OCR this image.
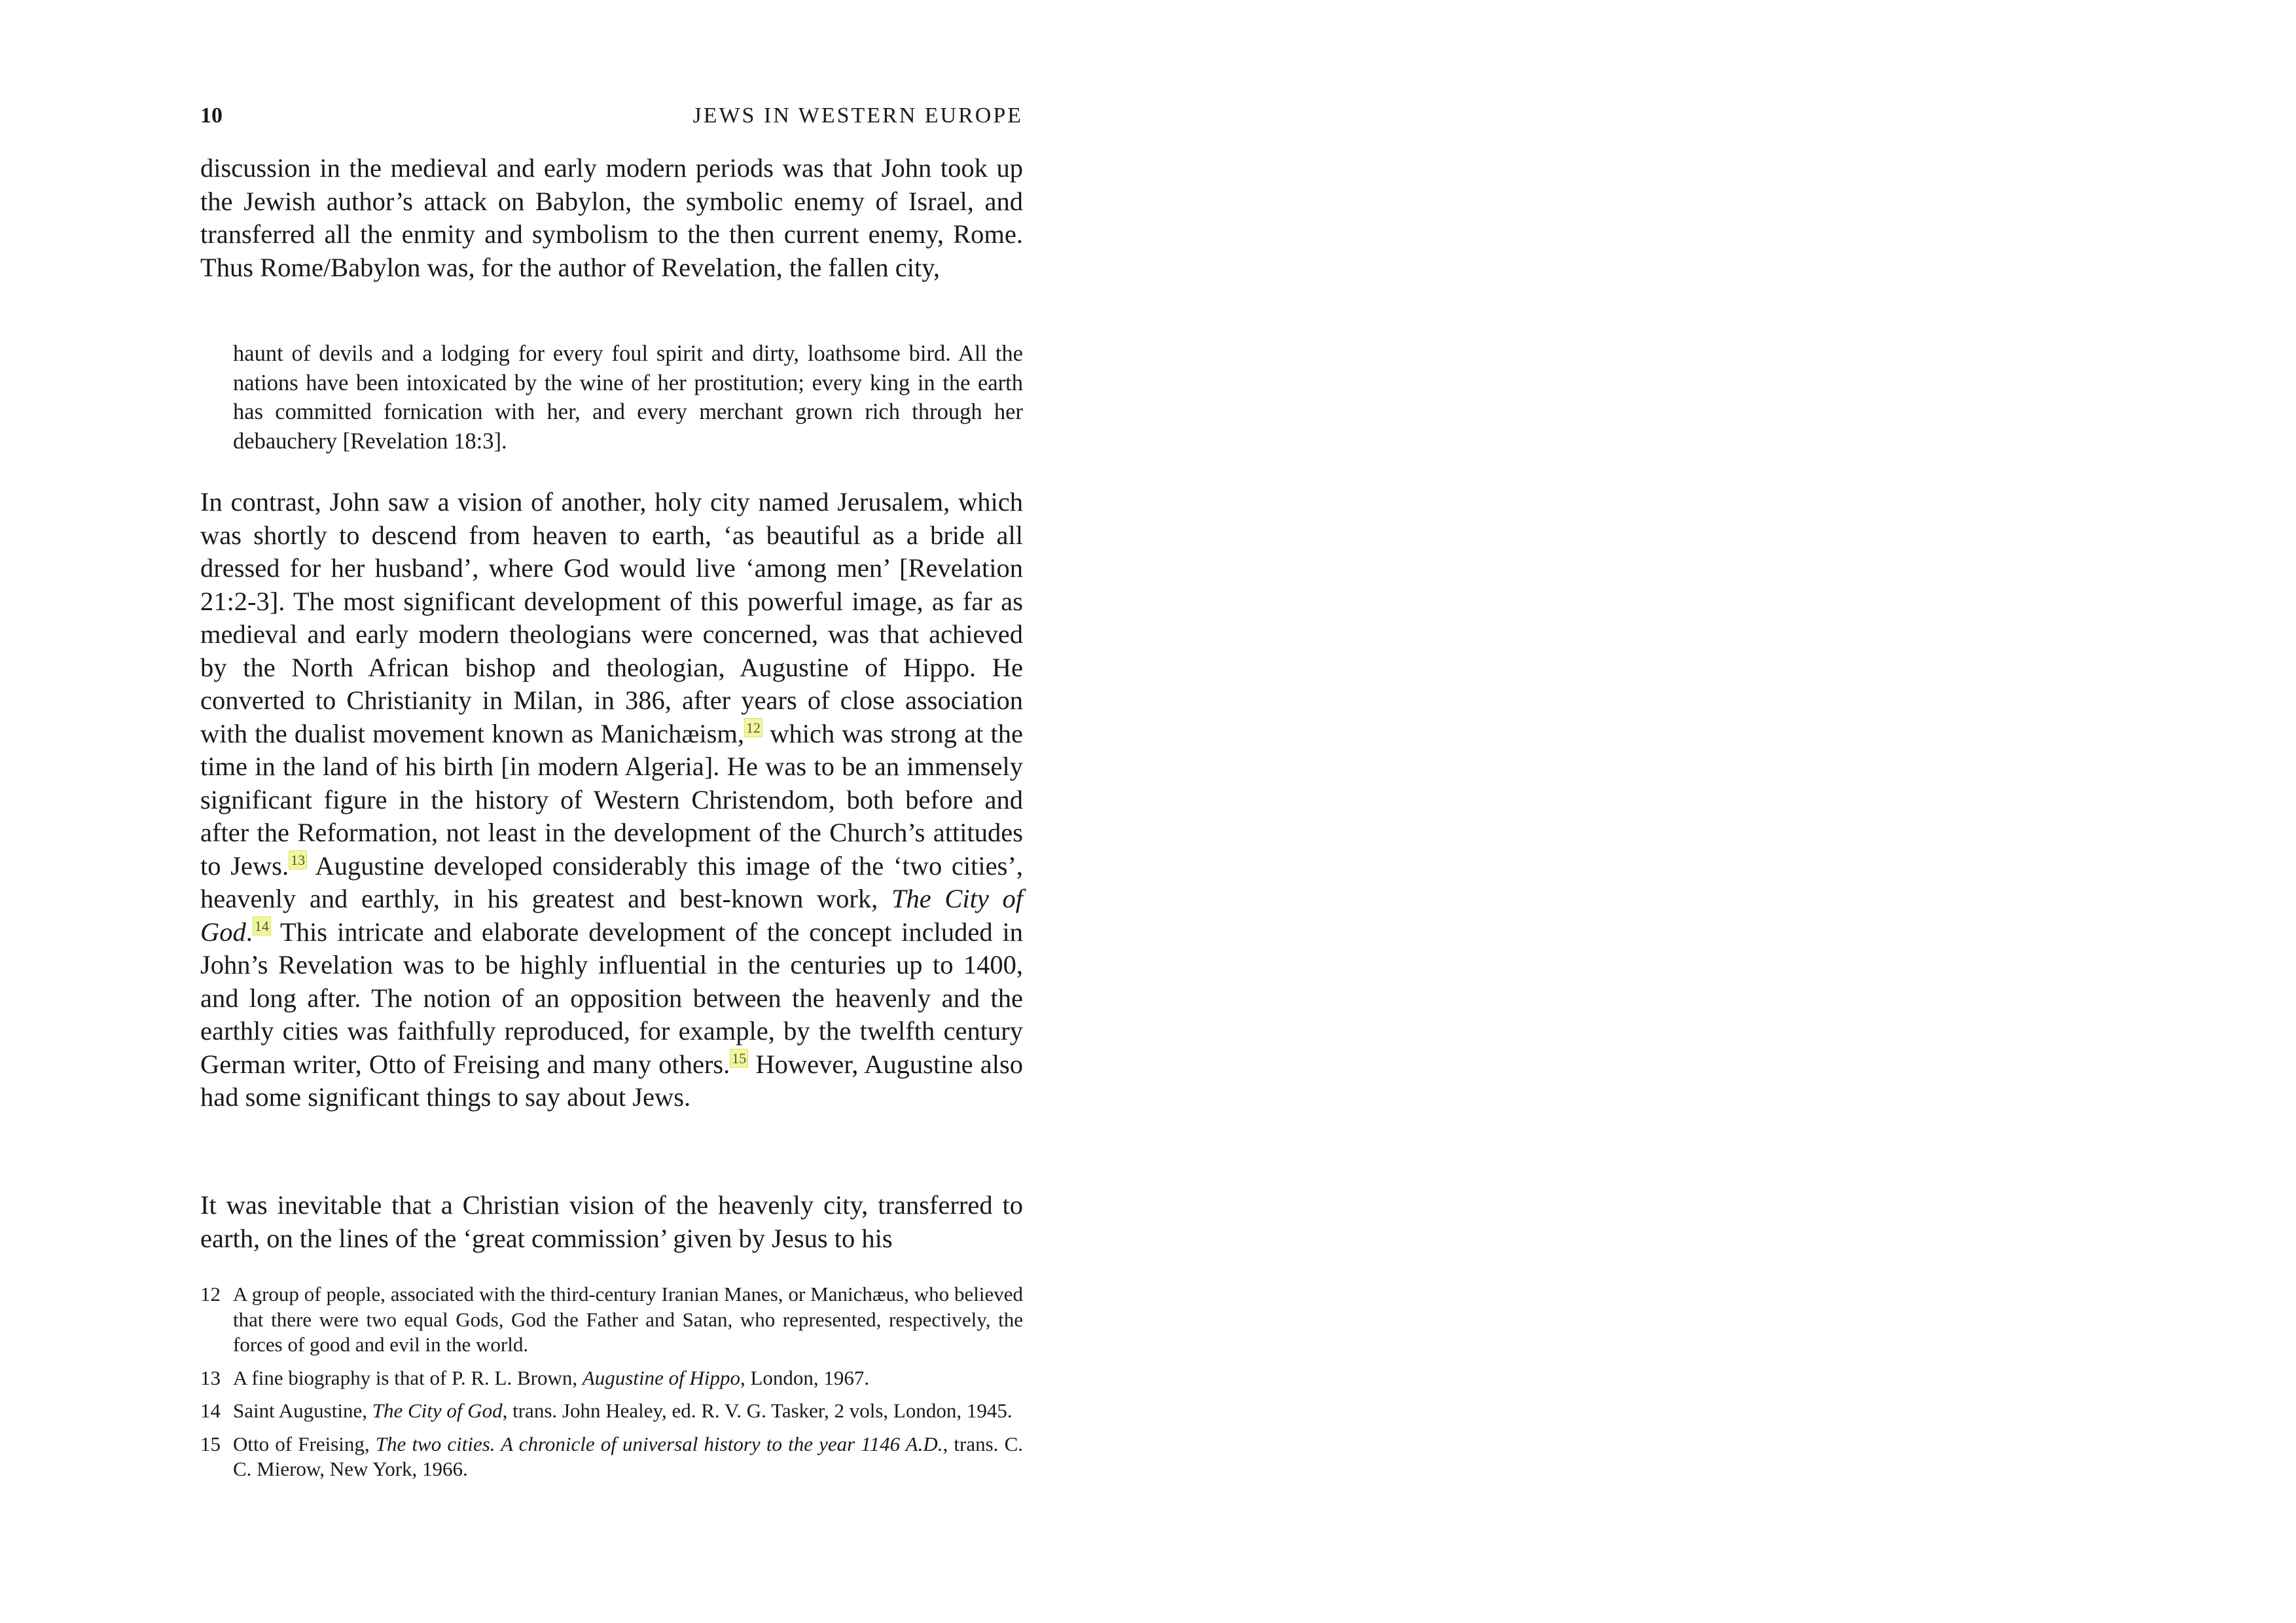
10	JEWS IN WESTERN EUROPE

discussion in the medieval and early modern periods was that John took up the Jewish author’s attack on Babylon, the symbolic enemy of Israel, and transferred all the enmity and symbolism to the then current enemy, Rome. Thus Rome/Babylon was, for the author of Revelation, the fallen city,

haunt of devils and a lodging for every foul spirit and dirty, loathsome bird. All the nations have been intoxicated by the wine of her prostitution; every king in the earth has committed fornication with her, and every merchant grown rich through her debauchery [Revelation 18:3].

In contrast, John saw a vision of another, holy city named Jerusalem, which was shortly to descend from heaven to earth, ‘as beautiful as a bride all dressed for her husband’, where God would live ‘among men’ [Revelation 21:2-3]. The most significant development of this powerful image, as far as medieval and early modern theologians were concerned, was that achieved by the North African bishop and theologian, Augustine of Hippo. He converted to Christianity in Milan, in 386, after years of close association with the dualist movement known as Manichæism, $^{12}$ which was strong at the time in the land of his birth [in modern Algeria]. He was to be an immensely significant figure in the history of Western Christendom, both before and after the Reformation, not least in the development of the Church’s attitudes to Jews. $^{13}$ Augustine developed considerably this image of the ‘two cities’, heavenly and earthly, in his greatest and best-known work, The City of God. $^{14}$ This intricate and elaborate development of the concept included in John’s Revelation was to be highly influential in the centuries up to 1400, and long after. The notion of an opposition between the heavenly and the earthly cities was faithfully reproduced, for example, by the twelfth century German writer, Otto of Freising and many others. $^{15}$ However, Augustine also had some significant things to say about Jews.

It was inevitable that a Christian vision of the heavenly city, transferred to earth, on the lines of the ‘great commission’ given by Jesus to his

12 A group of people, associated with the third-century Iranian Manes, or Manichæus, who believed that there were two equal Gods, God the Father and Satan, who represented, respectively, the forces of good and evil in the world.
13 A fine biography is that of P. R. L. Brown, Augustine of Hippo, London, 1967.
14 Saint Augustine, The City of God, trans. John Healey, ed. R. V. G. Tasker, 2 vols, London, 1945.
15 Otto of Freising, The two cities. A chronicle of universal history to the year 1146 A.D., trans. C. C. Mierow, New York, 1966.
